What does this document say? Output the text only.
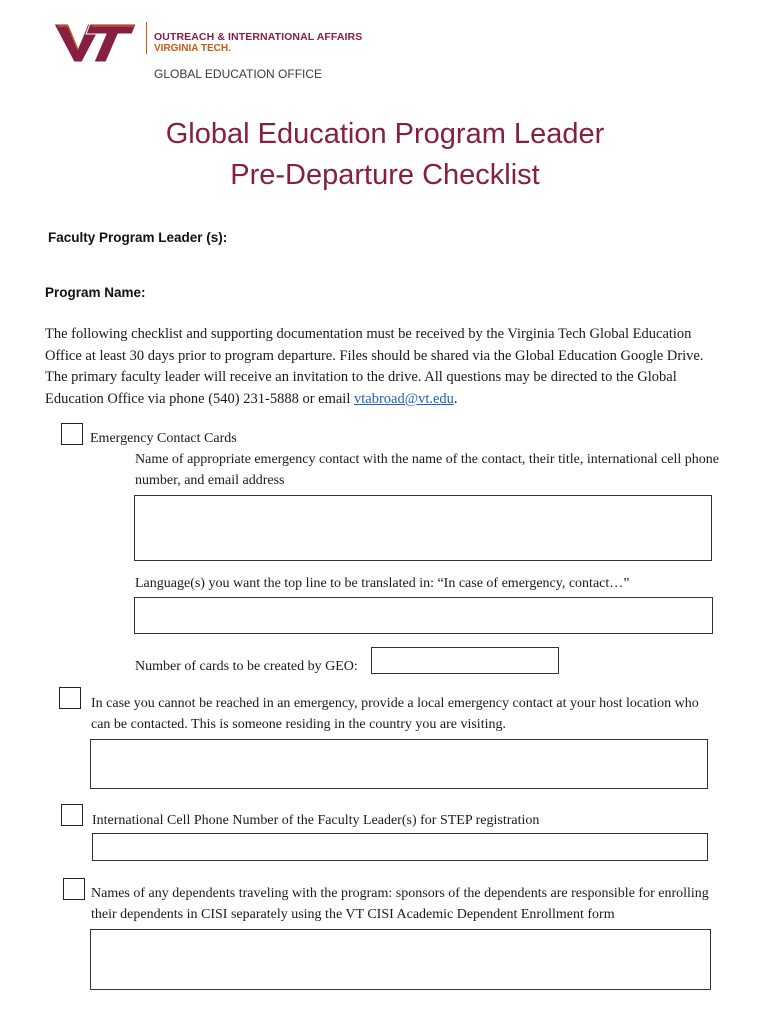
OUTREACH & INTERNATIONAL AFFAIRS
VIRGINIA TECH.
GLOBAL EDUCATION OFFICE
Global Education Program Leader
Pre-Departure Checklist
Faculty Program Leader (s):
Program Name:
The following checklist and supporting documentation must be received by the Virginia Tech Global Education Office at least 30 days prior to program departure. Files should be shared via the Global Education Google Drive. The primary faculty leader will receive an invitation to the drive. All questions may be directed to the Global Education Office via phone (540) 231-5888 or email vtabroad@vt.edu.
Emergency Contact Cards
Name of appropriate emergency contact with the name of the contact, their title, international cell phone number, and email address
Language(s) you want the top line to be translated in: “In case of emergency, contact…”
Number of cards to be created by GEO:
In case you cannot be reached in an emergency, provide a local emergency contact at your host location who can be contacted. This is someone residing in the country you are visiting.
International Cell Phone Number of the Faculty Leader(s) for STEP registration
Names of any dependents traveling with the program: sponsors of the dependents are responsible for enrolling their dependents in CISI separately using the VT CISI Academic Dependent Enrollment form
